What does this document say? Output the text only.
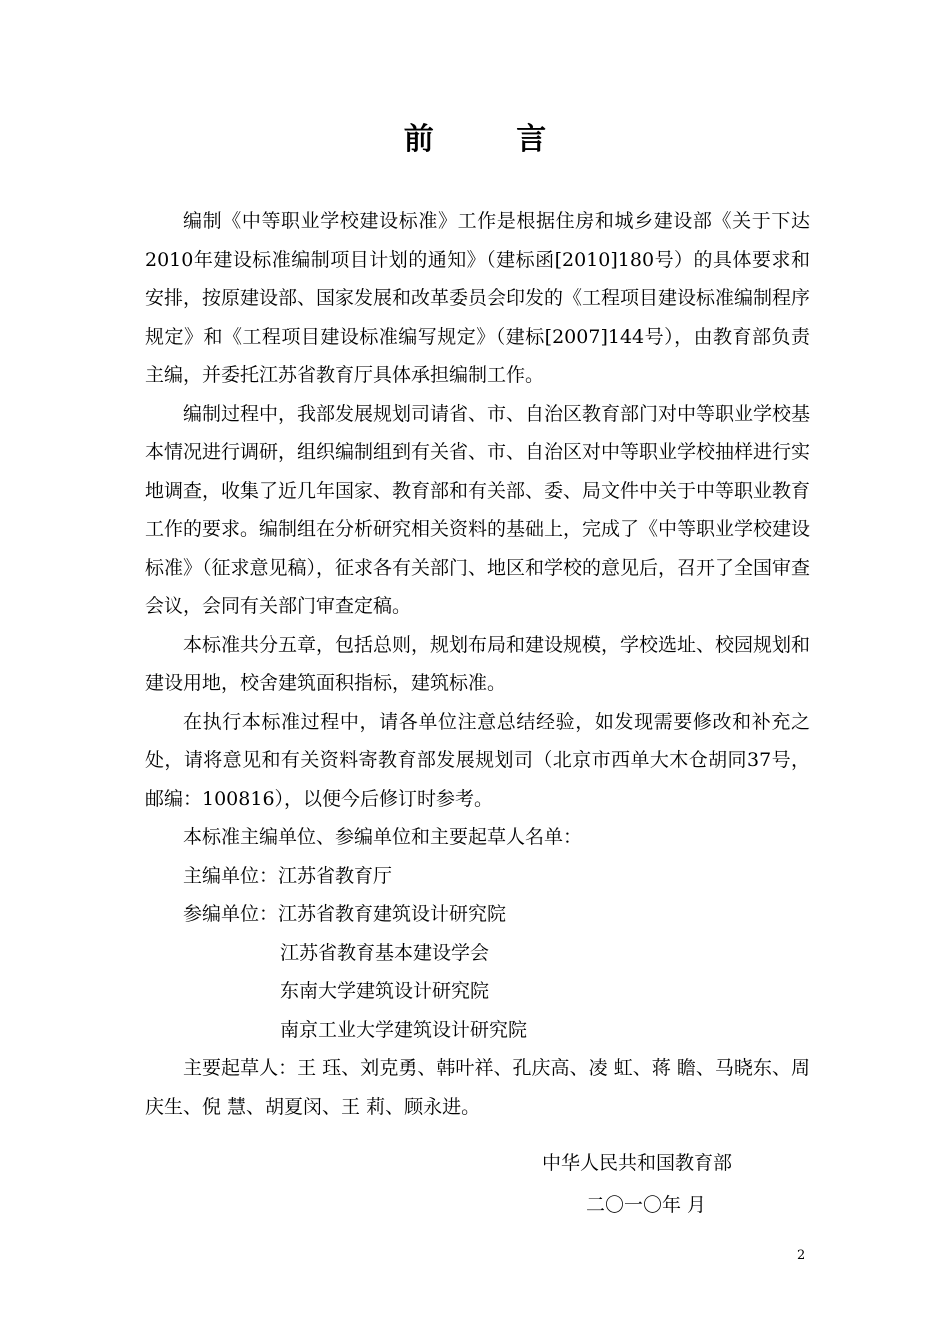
前 言

编制《中等职业学校建设标准》工作是根据住房和城乡建设部《关于下达2010年建设标准编制项目计划的通知》（建标函[2010]180号）的具体要求和安排，按原建设部、国家发展和改革委员会印发的《工程项目建设标准编制程序规定》和《工程项目建设标准编写规定》（建标[2007]144号），由教育部负责主编，并委托江苏省教育厅具体承担编制工作。

编制过程中，我部发展规划司请省、市、自治区教育部门对中等职业学校基本情况进行调研，组织编制组到有关省、市、自治区对中等职业学校抽样进行实地调查，收集了近几年国家、教育部和有关部、委、局文件中关于中等职业教育工作的要求。编制组在分析研究相关资料的基础上，完成了《中等职业学校建设标准》（征求意见稿），征求各有关部门、地区和学校的意见后，召开了全国审查会议，会同有关部门审查定稿。

本标准共分五章，包括总则，规划布局和建设规模，学校选址、校园规划和建设用地，校舍建筑面积指标，建筑标准。

在执行本标准过程中，请各单位注意总结经验，如发现需要修改和补充之处，请将意见和有关资料寄教育部发展规划司（北京市西单大木仓胡同37号，邮编：100816），以便今后修订时参考。

本标准主编单位、参编单位和主要起草人名单：

主编单位：江苏省教育厅

参编单位：江苏省教育建筑设计研究院

江苏省教育基本建设学会

东南大学建筑设计研究院

南京工业大学建筑设计研究院

主要起草人：王 珏、刘克勇、韩叶祥、孔庆高、凌 虹、蒋 瞻、马晓东、周庆生、倪 慧、胡夏闵、王 莉、顾永进。

中华人民共和国教育部
二〇一〇年 月
2
